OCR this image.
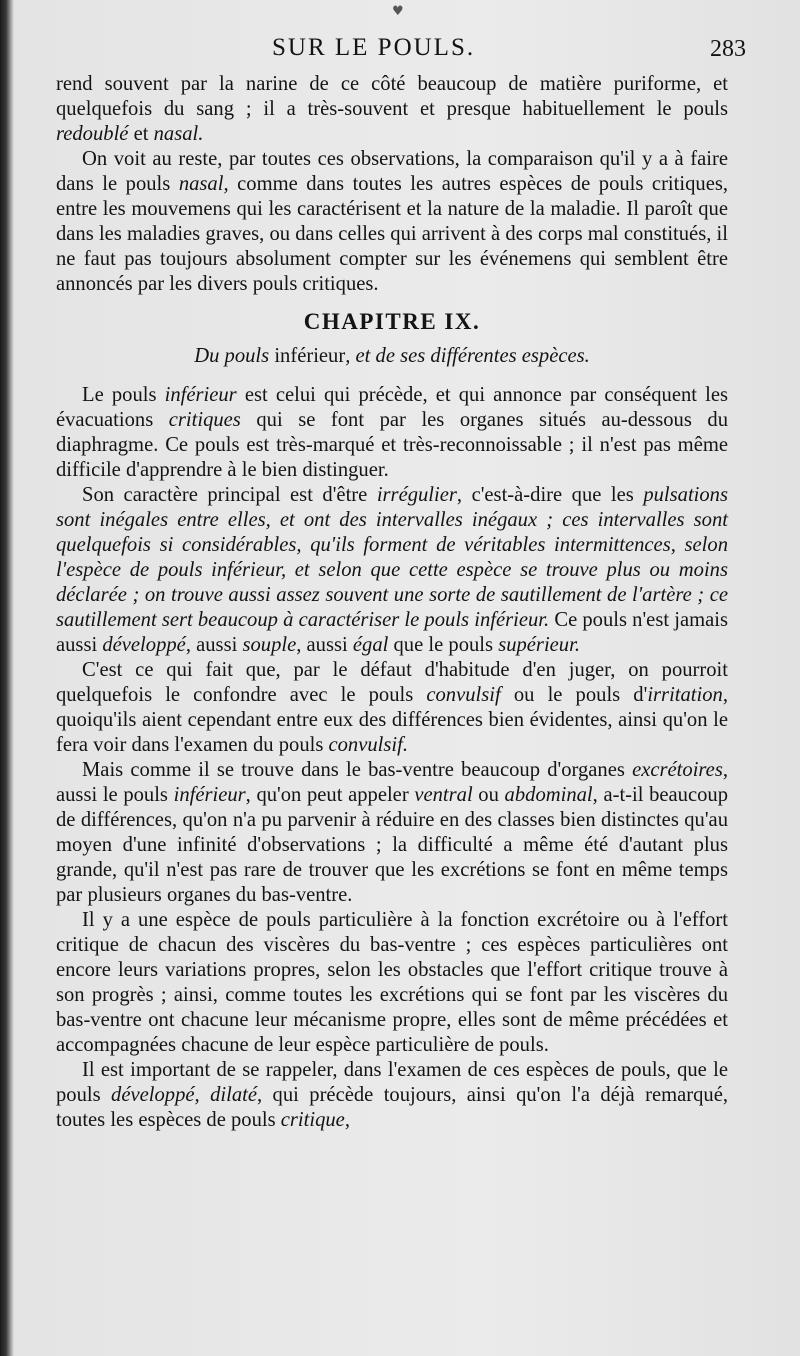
♥
SUR LE POULS.	283

rend souvent par la narine de ce côté beaucoup de matière puriforme, et quelquefois du sang ; il a très-souvent et presque habituellement le pouls redoublé et nasal.

On voit au reste, par toutes ces observations, la comparaison qu'il y a à faire dans le pouls nasal, comme dans toutes les autres espèces de pouls critiques, entre les mouvemens qui les caractérisent et la nature de la maladie. Il paroît que dans les maladies graves, ou dans celles qui arrivent à des corps mal constitués, il ne faut pas toujours absolument compter sur les événemens qui semblent être annoncés par les divers pouls critiques.

CHAPITRE IX.
Du pouls inférieur, et de ses différentes espèces.

Le pouls inférieur est celui qui précède, et qui annonce par conséquent les évacuations critiques qui se font par les organes situés au-dessous du diaphragme. Ce pouls est très-marqué et très-reconnoissable ; il n'est pas même difficile d'apprendre à le bien distinguer.

Son caractère principal est d'être irrégulier, c'est-à-dire que les pulsations sont inégales entre elles, et ont des intervalles inégaux ; ces intervalles sont quelquefois si considérables, qu'ils forment de véritables intermittences, selon l'espèce de pouls inférieur, et selon que cette espèce se trouve plus ou moins déclarée ; on trouve aussi assez souvent une sorte de sautillement de l'artère ; ce sautillement sert beaucoup à caractériser le pouls inférieur. Ce pouls n'est jamais aussi développé, aussi souple, aussi égal que le pouls supérieur.

C'est ce qui fait que, par le défaut d'habitude d'en juger, on pourroit quelquefois le confondre avec le pouls convulsif ou le pouls d'irritation, quoiqu'ils aient cependant entre eux des différences bien évidentes, ainsi qu'on le fera voir dans l'examen du pouls convulsif.

Mais comme il se trouve dans le bas-ventre beaucoup d'organes excrétoires, aussi le pouls inférieur, qu'on peut appeler ventral ou abdominal, a-t-il beaucoup de différences, qu'on n'a pu parvenir à réduire en des classes bien distinctes qu'au moyen d'une infinité d'observations ; la difficulté a même été d'autant plus grande, qu'il n'est pas rare de trouver que les excrétions se font en même temps par plusieurs organes du bas-ventre.

Il y a une espèce de pouls particulière à la fonction excrétoire ou à l'effort critique de chacun des viscères du bas-ventre ; ces espèces particulières ont encore leurs variations propres, selon les obstacles que l'effort critique trouve à son progrès ; ainsi, comme toutes les excrétions qui se font par les viscères du bas-ventre ont chacune leur mécanisme propre, elles sont de même précédées et accompagnées chacune de leur espèce particulière de pouls.

Il est important de se rappeler, dans l'examen de ces espèces de pouls, que le pouls développé, dilaté, qui précède toujours, ainsi qu'on l'a déjà remarqué, toutes les espèces de pouls critique,
